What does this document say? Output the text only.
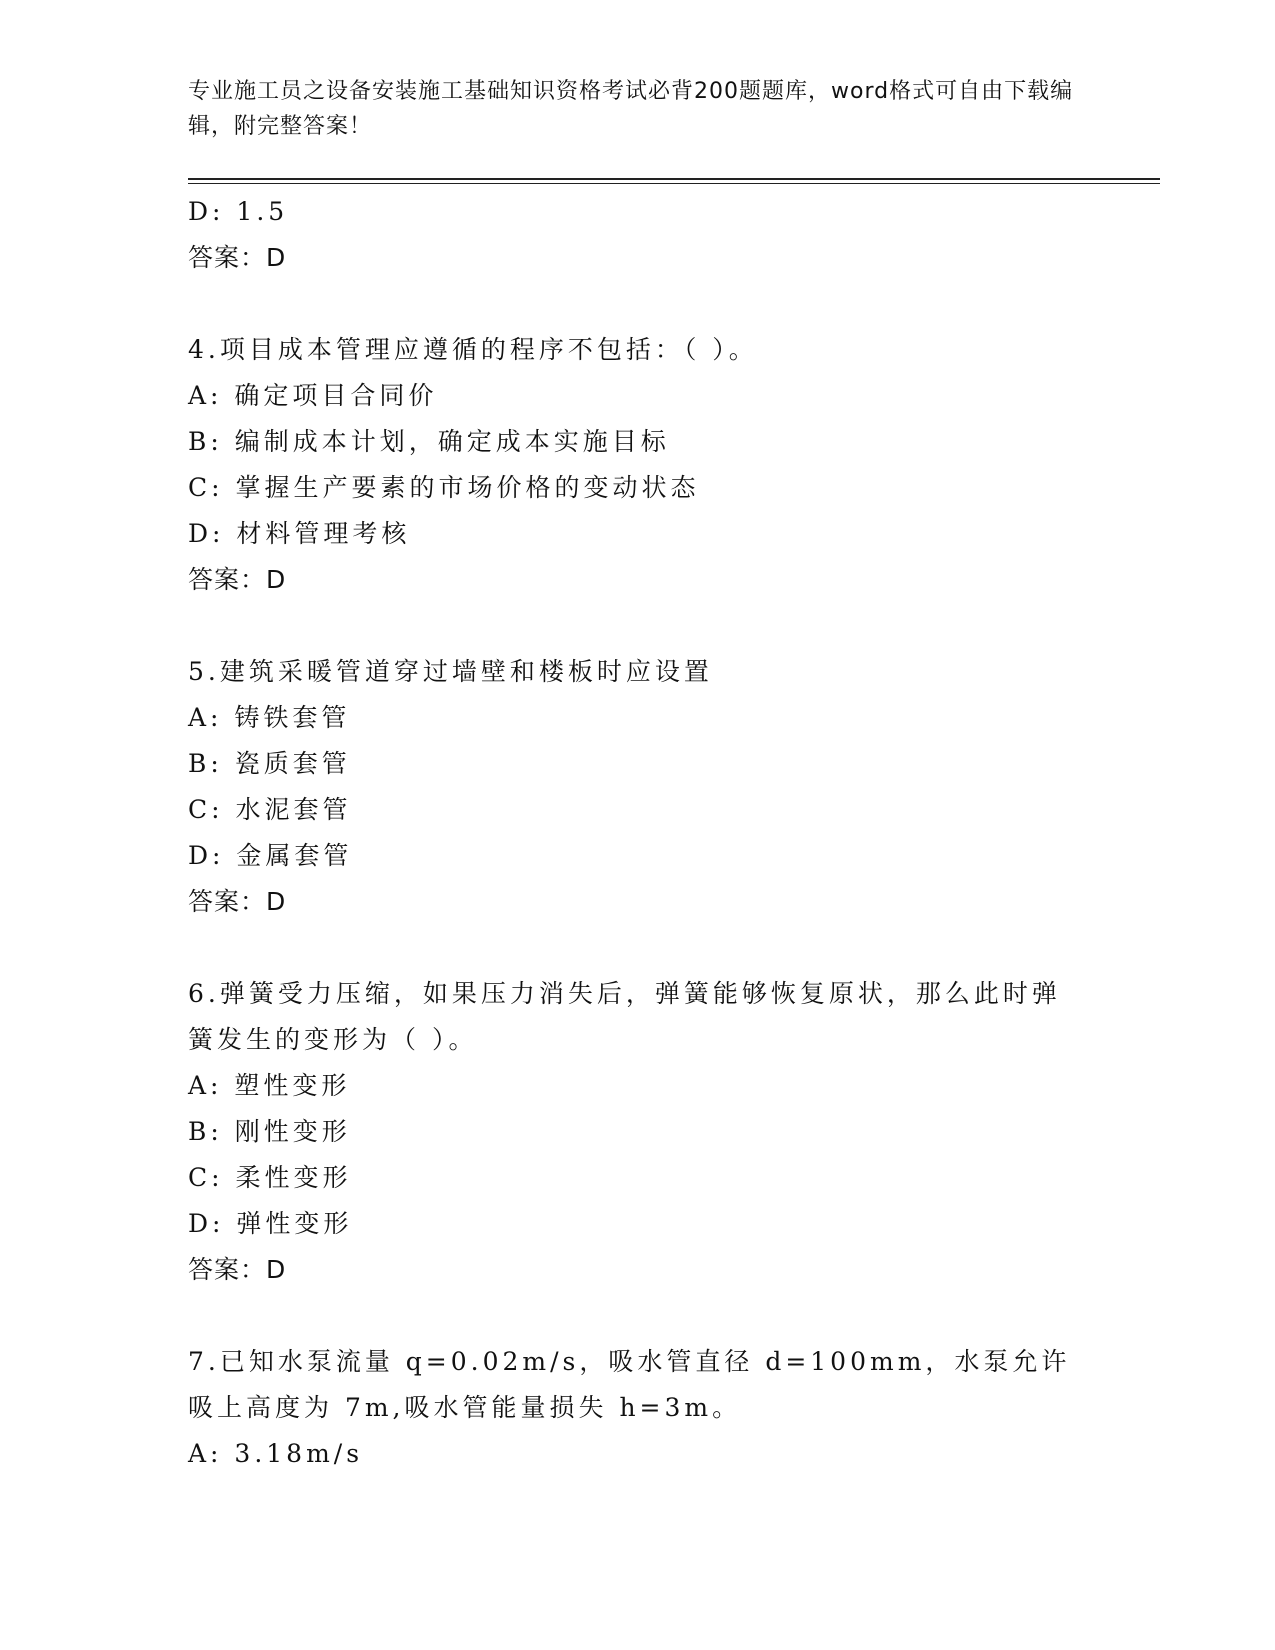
专业施工员之设备安装施工基础知识资格考试必背200题题库，word格式可自由下载编辑，附完整答案！
D: 1.5
答案：D
4.项目成本管理应遵循的程序不包括：（ ）。
A: 确定项目合同价
B: 编制成本计划，确定成本实施目标
C: 掌握生产要素的市场价格的变动状态
D: 材料管理考核
答案：D
5.建筑采暖管道穿过墙壁和楼板时应设置
A: 铸铁套管
B: 瓷质套管
C: 水泥套管
D: 金属套管
答案：D
6.弹簧受力压缩，如果压力消失后，弹簧能够恢复原状，那么此时弹簧发生的变形为（ ）。
A: 塑性变形
B: 刚性变形
C: 柔性变形
D: 弹性变形
答案：D
7.已知水泵流量 q=0.02m/s，吸水管直径 d=100mm，水泵允许吸上高度为 7m,吸水管能量损失 h=3m。
A: 3.18m/s
